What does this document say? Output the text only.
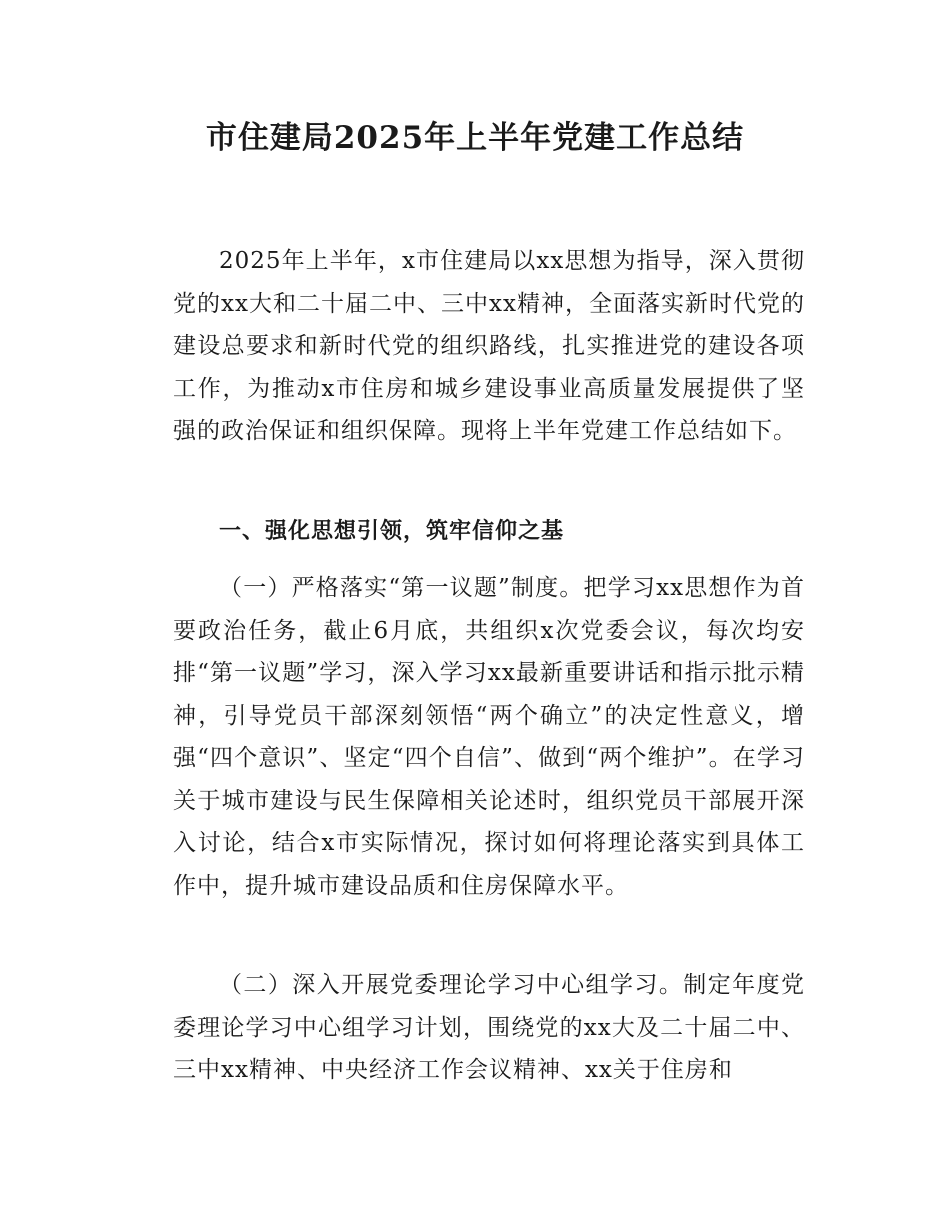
市住建局2025年上半年党建工作总结

2025年上半年，x市住建局以xx思想为指导，深入贯彻党的xx大和二十届二中、三中xx精神，全面落实新时代党的建设总要求和新时代党的组织路线，扎实推进党的建设各项工作，为推动x市住房和城乡建设事业高质量发展提供了坚强的政治保证和组织保障。现将上半年党建工作总结如下。

一、强化思想引领，筑牢信仰之基

（一）严格落实“第一议题”制度。把学习xx思想作为首要政治任务，截止6月底，共组织x次党委会议，每次均安排“第一议题”学习，深入学习xx最新重要讲话和指示批示精神，引导党员干部深刻领悟“两个确立”的决定性意义，增强“四个意识”、坚定“四个自信”、做到“两个维护”。在学习关于城市建设与民生保障相关论述时，组织党员干部展开深入讨论，结合x市实际情况，探讨如何将理论落实到具体工作中，提升城市建设品质和住房保障水平。

（二）深入开展党委理论学习中心组学习。制定年度党委理论学习中心组学习计划，围绕党的xx大及二十届二中、三中xx精神、中央经济工作会议精神、xx关于住房和
